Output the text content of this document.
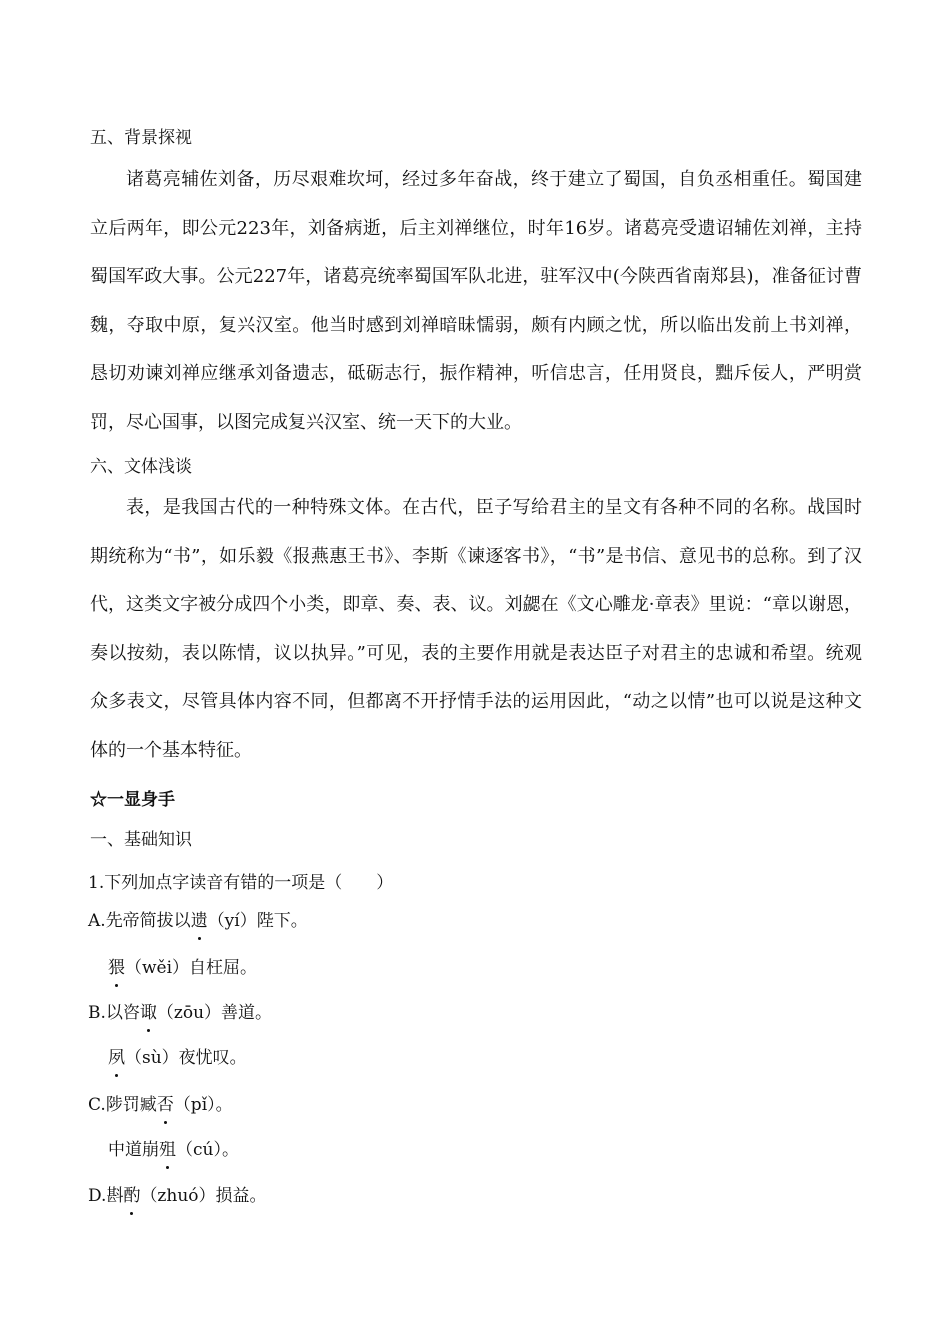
五、背景探视

诸葛亮辅佐刘备，历尽艰难坎坷，经过多年奋战，终于建立了蜀国，自负丞相重任。蜀国建立后两年，即公元223年，刘备病逝，后主刘禅继位，时年16岁。诸葛亮受遗诏辅佐刘禅，主持蜀国军政大事。公元227年，诸葛亮统率蜀国军队北进，驻军汉中(今陕西省南郑县)，准备征讨曹魏，夺取中原，复兴汉室。他当时感到刘禅暗昧懦弱，颇有内顾之忧，所以临出发前上书刘禅，恳切劝谏刘禅应继承刘备遗志，砥砺志行，振作精神，听信忠言，任用贤良，黜斥佞人，严明赏罚，尽心国事，以图完成复兴汉室、统一天下的大业。

六、文体浅谈

表，是我国古代的一种特殊文体。在古代，臣子写给君主的呈文有各种不同的名称。战国时期统称为“书”，如乐毅《报燕惠王书》、李斯《谏逐客书》，“书”是书信、意见书的总称。到了汉代，这类文字被分成四个小类，即章、奏、表、议。刘勰在《文心雕龙·章表》里说：“章以谢恩，奏以按劾，表以陈情，议以执异。”可见，表的主要作用就是表达臣子对君主的忠诚和希望。统观众多表文，尽管具体内容不同，但都离不开抒情手法的运用因此，“动之以情”也可以说是这种文体的一个基本特征。

☆一显身手
一、基础知识
1.下列加点字读音有错的一项是（　　）
A.先帝简拔以遗（yí）陛下。
猥（wěi）自枉屈。
B.以咨诹（zōu）善道。
夙（sù）夜忧叹。
C.陟罚臧否（pǐ）。
中道崩殂（cú）。
D.斟酌（zhuó）损益。
